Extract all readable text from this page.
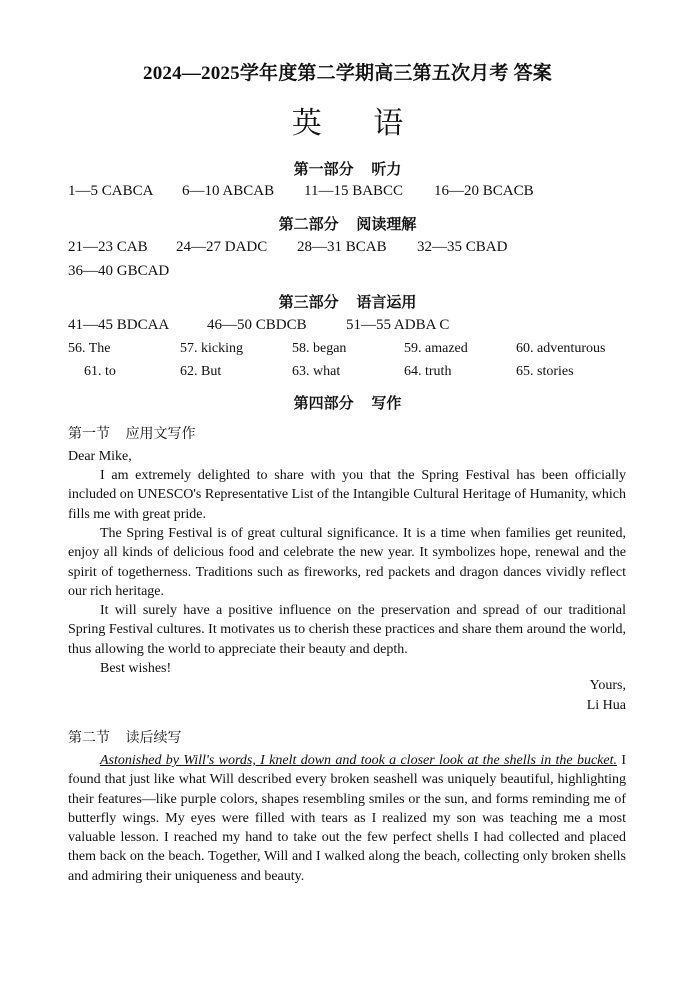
2024—2025学年度第二学期高三第五次月考 答案
英 语
第一部分 听力
1—5 CABCA 6—10 ABCAB 11—15 BABCC 16—20 BCACB
第二部分 阅读理解
21—23 CAB 24—27 DADC 28—31 BCAB 32—35 CBAD
36—40 GBCAD
第三部分 语言运用
41—45 BDCAA	46—50 CBDCB	51—55 ADBA C
56. The	57. kicking	58. began	59. amazed	60. adventurous
61. to	62. But	63. what	64. truth	65. stories
第四部分 写作
第一节 应用文写作
Dear Mike,
I am extremely delighted to share with you that the Spring Festival has been officially included on UNESCO's Representative List of the Intangible Cultural Heritage of Humanity, which fills me with great pride.
The Spring Festival is of great cultural significance. It is a time when families get reunited, enjoy all kinds of delicious food and celebrate the new year. It symbolizes hope, renewal and the spirit of togetherness. Traditions such as fireworks, red packets and dragon dances vividly reflect our rich heritage.
It will surely have a positive influence on the preservation and spread of our traditional Spring Festival cultures. It motivates us to cherish these practices and share them around the world, thus allowing the world to appreciate their beauty and depth.
Best wishes!
Yours,
Li Hua
第二节 读后续写
Astonished by Will's words, I knelt down and took a closer look at the shells in the bucket. I found that just like what Will described every broken seashell was uniquely beautiful, highlighting their features—like purple colors, shapes resembling smiles or the sun, and forms reminding me of butterfly wings. My eyes were filled with tears as I realized my son was teaching me a most valuable lesson. I reached my hand to take out the few perfect shells I had collected and placed them back on the beach. Together, Will and I walked along the beach, collecting only broken shells and admiring their uniqueness and beauty.
